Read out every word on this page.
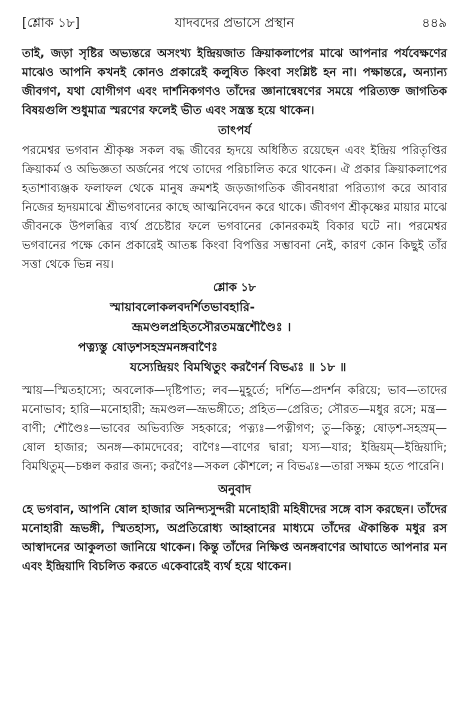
[শ্লোক ১৮]	যাদবদের প্রভাসে প্রস্থান	৪৪৯

তাই, জড়া সৃষ্টির অভ্যন্তরে অসংখ্য ইন্দ্রিয়জাত ক্রিয়াকলাপের মাঝে আপনার পর্যবেক্ষণের মাঝেও আপনি কখনই কোনও প্রকারেই কলুষিত কিংবা সংশ্লিষ্ট হন না। পক্ষান্তরে, অন্যান্য জীবগণ, যথা যোগীগণ এবং দার্শনিকগণও তাঁদের জ্ঞানান্বেষণের সময়ে পরিত্যক্ত জাগতিক বিষয়গুলি শুধুমাত্র স্মরণের ফলেই ভীত এবং সন্ত্রস্ত হয়ে থাকেন।

তাৎপর্য

পরমেশ্বর ভগবান শ্রীকৃষ্ণ সকল বদ্ধ জীবের হৃদয়ে অধিষ্ঠিত রয়েছেন এবং ইন্দ্রিয় পরিতৃপ্তির ক্রিয়াকর্ম ও অভিজ্ঞতা অর্জনের পথে তাদের পরিচালিত করে থাকেন। ঐ প্রকার ক্রিয়াকলাপের হতাশাব্যঞ্জক ফলাফল থেকে মানুষ ক্রমশই জড়জাগতিক জীবনধারা পরিত্যাগ করে আবার নিজের হৃদয়মাঝে শ্রীভগবানের কাছে আত্মনিবেদন করে থাকে। জীবগণ শ্রীকৃষ্ণের মায়ার মাঝে জীবনকে উপলব্ধির ব্যর্থ প্রচেষ্টার ফলে ভগবানের কোনরকমই বিকার ঘটে না। পরমেশ্বর ভগবানের পক্ষে কোন প্রকারেই আতঙ্ক কিংবা বিপত্তির সম্ভাবনা নেই, কারণ কোন কিছুই তাঁর সত্তা থেকে ভিন্ন নয়।

শ্লোক ১৮
স্মায়াবলোকলবদর্শিতভাবহারি-
ভ্রূমণ্ডলপ্রহিতসৌরতমন্ত্রশৌণ্ডৈঃ ।
পত্ন্যস্তু ষোড়শসহস্রমনঙ্গবাণৈঃ
যস্যেন্দ্রিয়ং বিমথিতুং করণৈর্ন বিভ্ব্যঃ ॥ ১৮ ॥

স্মায়—স্মিতহাস্যে; অবলোক—দৃষ্টিপাত; লব—মুহূর্তে; দর্শিত—প্রদর্শন করিয়ে; ভাব—তাদের মনোভাব; হারি—মনোহারী; ভ্রূমণ্ডল—ভ্রূভঙ্গীতে; প্রহিত—প্রেরিত; সৌরত—মধুর রসে; মন্ত্র—বাণী; শৌণ্ডৈঃ—ভাবের অভিব্যক্তি সহকারে; পত্ন্যঃ—পত্নীগণ; তু—কিন্তু; ষোড়শ-সহস্রম্—ষোল হাজার; অনঙ্গ—কামদেবের; বাণৈঃ—বাণের দ্বারা; যস্য—যার; ইন্দ্রিয়ম্—ইন্দ্রিয়াদি; বিমথিতুম্—চঞ্চল করার জন্য; করণৈঃ—সকল কৌশলে; ন বিভ্ব্যঃ—তারা সক্ষম হতে পারেনি।

অনুবাদ

হে ভগবান, আপনি ষোল হাজার অনিন্দ্যসুন্দরী মনোহারী মহিষীদের সঙ্গে বাস করছেন। তাঁদের মনোহারী ভ্রূভঙ্গী, স্মিতহাস্য, অপ্রতিরোধ্য আহ্বানের মাধ্যমে তাঁদের ঐকান্তিক মধুর রস আস্বাদনের আকুলতা জানিয়ে থাকেন। কিন্তু তাঁদের নিক্ষিপ্ত অনঙ্গবাণের আঘাতে আপনার মন এবং ইন্দ্রিয়াদি বিচলিত করতে একেবারেই ব্যর্থ হয়ে থাকেন।
